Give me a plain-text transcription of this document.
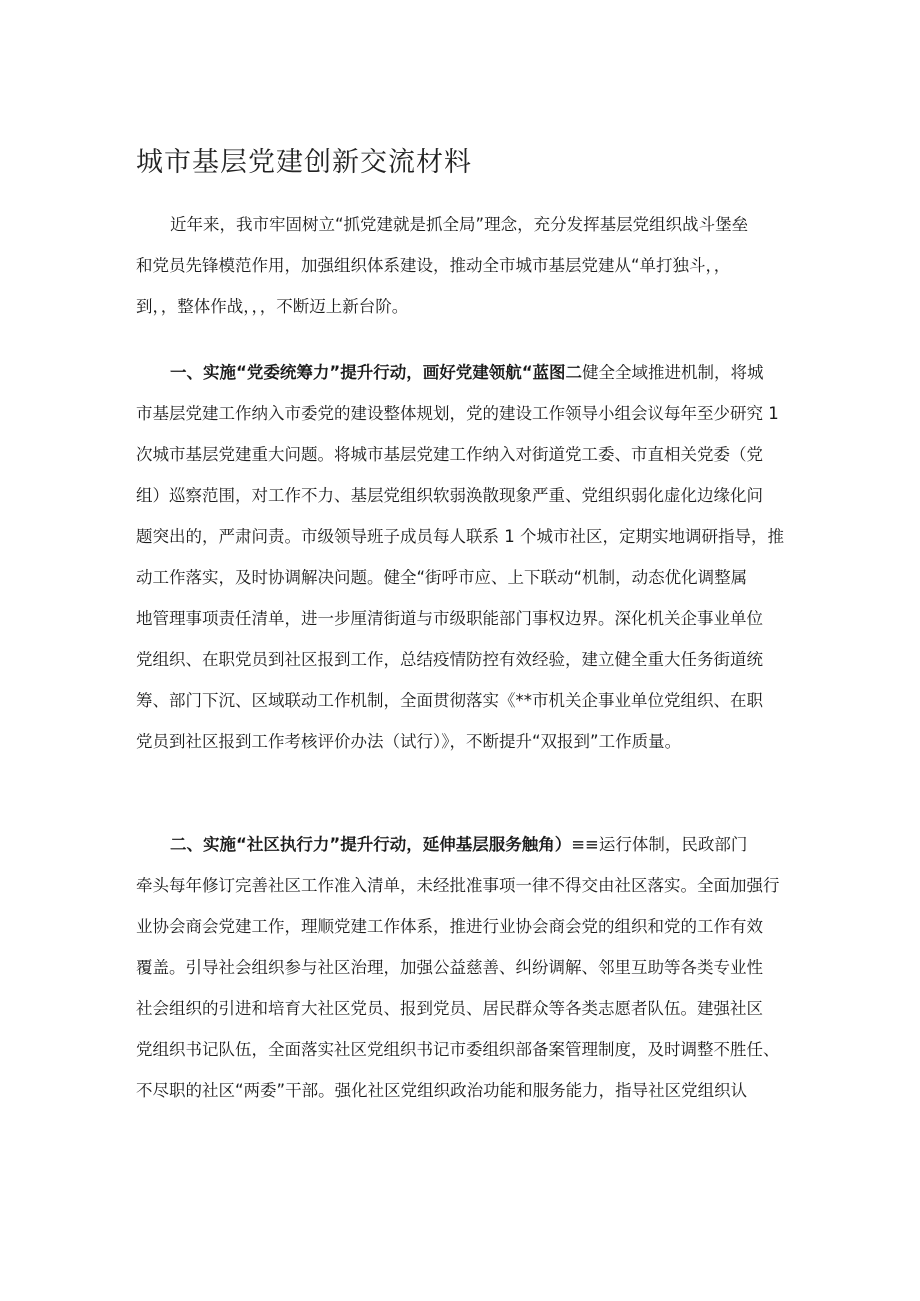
城市基层党建创新交流材料
近年来，我市牢固树立“抓党建就是抓全局”理念，充分发挥基层党组织战斗堡垒
和党员先锋模范作用，加强组织体系建设，推动全市城市基层党建从“单打独斗，，
到，，整体作战，，，不断迈上新台阶。
一、实施“党委统筹力”提升行动，画好党建领航“蓝图二健全全域推进机制，将城
市基层党建工作纳入市委党的建设整体规划，党的建设工作领导小组会议每年至少研究 1
次城市基层党建重大问题。将城市基层党建工作纳入对街道党工委、市直相关党委（党
组）巡察范围，对工作不力、基层党组织软弱涣散现象严重、党组织弱化虚化边缘化问
题突出的，严肃问责。市级领导班子成员每人联系 1 个城市社区，定期实地调研指导，推
动工作落实，及时协调解决问题。健全“街呼市应、上下联动“机制，动态优化调整属
地管理事项责任清单，进一步厘清街道与市级职能部门事权边界。深化机关企事业单位
党组织、在职党员到社区报到工作，总结疫情防控有效经验，建立健全重大任务街道统
筹、部门下沉、区域联动工作机制，全面贯彻落实《**市机关企事业单位党组织、在职
党员到社区报到工作考核评价办法（试行）》，不断提升“双报到”工作质量。
二、实施“社区执行力”提升行动，延伸基层服务触角）≡≡运行体制，民政部门
牵头每年修订完善社区工作准入清单，未经批准事项一律不得交由社区落实。全面加强行
业协会商会党建工作，理顺党建工作体系，推进行业协会商会党的组织和党的工作有效
覆盖。引导社会组织参与社区治理，加强公益慈善、纠纷调解、邻里互助等各类专业性
社会组织的引进和培育大社区党员、报到党员、居民群众等各类志愿者队伍。建强社区
党组织书记队伍，全面落实社区党组织书记市委组织部备案管理制度，及时调整不胜任、
不尽职的社区“两委”干部。强化社区党组织政治功能和服务能力，指导社区党组织认
